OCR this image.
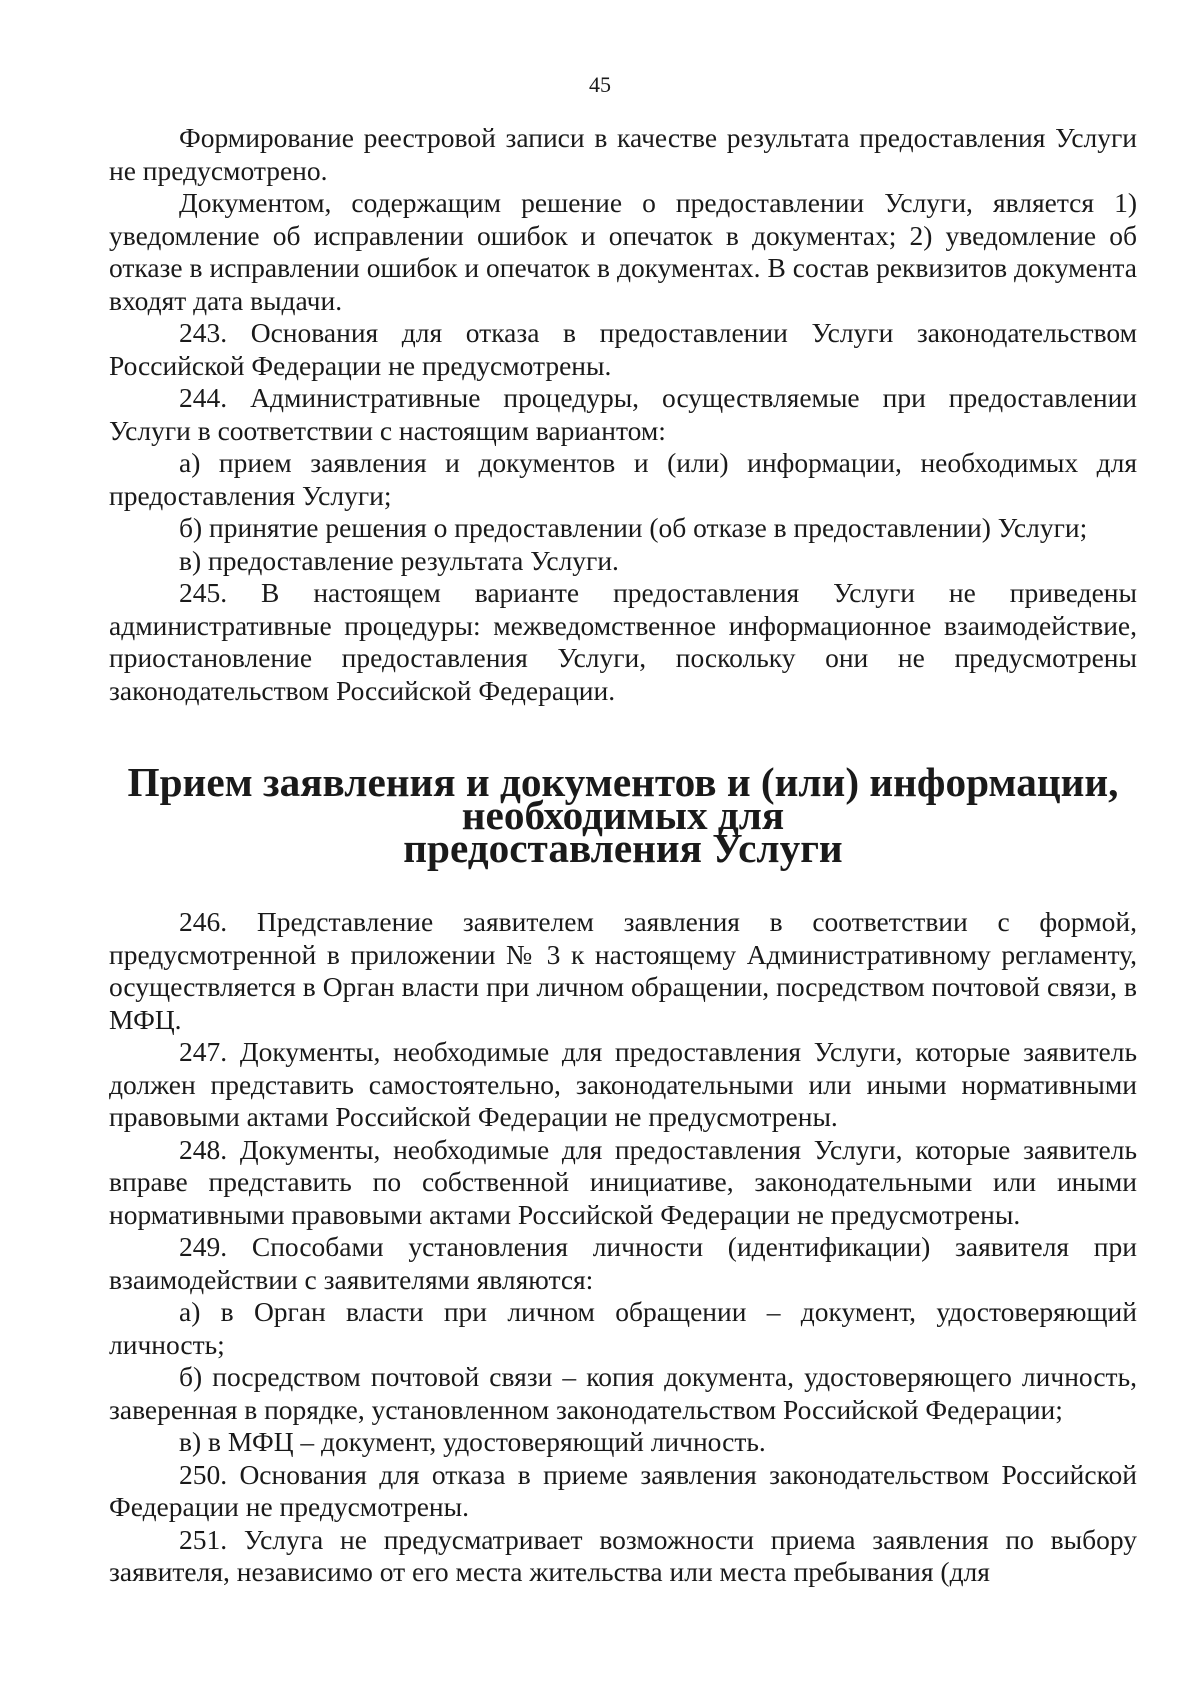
45

Формирование реестровой записи в качестве результата предоставления Услуги не предусмотрено.

Документом, содержащим решение о предоставлении Услуги, является 1) уведомление об исправлении ошибок и опечаток в документах; 2) уведомление об отказе в исправлении ошибок и опечаток в документах. В состав реквизитов документа входят дата выдачи.

243. Основания для отказа в предоставлении Услуги законодательством Российской Федерации не предусмотрены.

244. Административные процедуры, осуществляемые при предоставлении Услуги в соответствии с настоящим вариантом:

а) прием заявления и документов и (или) информации, необходимых для предоставления Услуги;

б) принятие решения о предоставлении (об отказе в предоставлении) Услуги;

в) предоставление результата Услуги.

245. В настоящем варианте предоставления Услуги не приведены административные процедуры: межведомственное информационное взаимодействие, приостановление предоставления Услуги, поскольку они не предусмотрены законодательством Российской Федерации.

Прием заявления и документов и (или) информации, необходимых для
предоставления Услуги

246. Представление заявителем заявления в соответствии с формой, предусмотренной в приложении № 3 к настоящему Административному регламенту, осуществляется в Орган власти при личном обращении, посредством почтовой связи, в МФЦ.

247. Документы, необходимые для предоставления Услуги, которые заявитель должен представить самостоятельно, законодательными или иными нормативными правовыми актами Российской Федерации не предусмотрены.

248. Документы, необходимые для предоставления Услуги, которые заявитель вправе представить по собственной инициативе, законодательными или иными нормативными правовыми актами Российской Федерации не предусмотрены.

249. Способами установления личности (идентификации) заявителя при взаимодействии с заявителями являются:

а) в Орган власти при личном обращении – документ, удостоверяющий личность;

б) посредством почтовой связи – копия документа, удостоверяющего личность, заверенная в порядке, установленном законодательством Российской Федерации;

в) в МФЦ – документ, удостоверяющий личность.

250. Основания для отказа в приеме заявления законодательством Российской Федерации не предусмотрены.

251. Услуга не предусматривает возможности приема заявления по выбору заявителя, независимо от его места жительства или места пребывания (для
